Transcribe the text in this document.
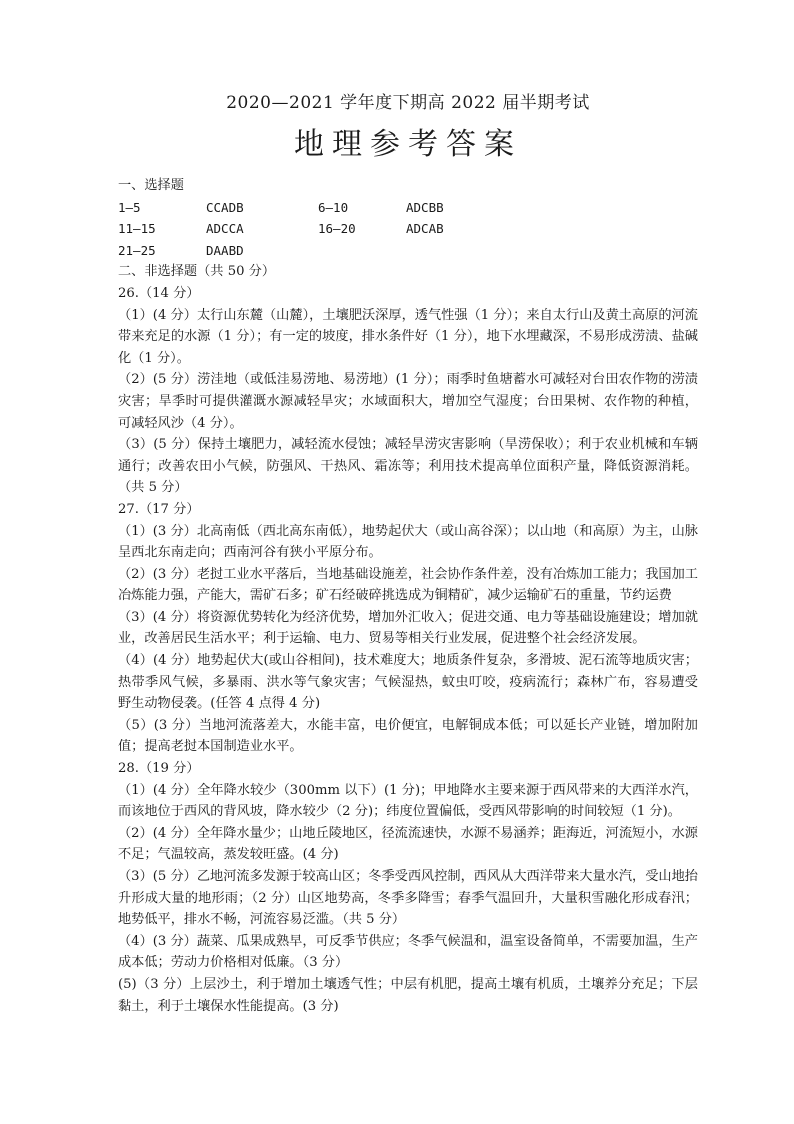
2020—2021 学年度下期高 2022 届半期考试
地理参考答案
一、选择题
1—5	CCADB	6—10	ADCBB
11—15	ADCCA	16—20	ADCAB
21—25	DAABD
二、非选择题（共 50 分）
26.（14 分）
（1）(4 分）太行山东麓（山麓），土壤肥沃深厚，透气性强（1 分）；来自太行山及黄土高原的河流带来充足的水源（1 分）；有一定的坡度，排水条件好（1 分），地下水埋藏深，不易形成涝渍、盐碱化（1 分）。
（2）(5 分）涝洼地（或低洼易涝地、易涝地）(1 分）；雨季时鱼塘蓄水可减轻对台田农作物的涝渍灾害；旱季时可提供灌溉水源减轻旱灾；水域面积大，增加空气湿度；台田果树、农作物的种植，可减轻风沙（4 分）。
（3）(5 分）保持土壤肥力，减轻流水侵蚀；减轻旱涝灾害影响（旱涝保收）；利于农业机械和车辆通行；改善农田小气候，防强风、干热风、霜冻等；利用技术提高单位面积产量，降低资源消耗。（共 5 分）
27.（17 分）
（1）(3 分）北高南低（西北高东南低），地势起伏大（或山高谷深）；以山地（和高原）为主，山脉呈西北东南走向；西南河谷有狭小平原分布。
（2）(3 分）老挝工业水平落后，当地基础设施差，社会协作条件差，没有冶炼加工能力；我国加工冶炼能力强，产能大，需矿石多；矿石经破碎挑选成为铜精矿，减少运输矿石的重量，节约运费
（3）(4 分）将资源优势转化为经济优势，增加外汇收入；促进交通、电力等基础设施建设；增加就业，改善居民生活水平；利于运输、电力、贸易等相关行业发展，促进整个社会经济发展。
（4）(4 分）地势起伏大(或山谷相间)，技术难度大；地质条件复杂，多滑坡、泥石流等地质灾害；热带季风气候，多暴雨、洪水等气象灾害；气候湿热，蚊虫叮咬，疫病流行；森林广布，容易遭受野生动物侵袭。(任答 4 点得 4 分)
（5）(3 分）当地河流落差大，水能丰富，电价便宜，电解铜成本低；可以延长产业链，增加附加值；提高老挝本国制造业水平。
28.（19 分）
（1）(4 分）全年降水较少（300mm 以下）(1 分)；甲地降水主要来源于西风带来的大西洋水汽，而该地位于西风的背风坡，降水较少（2 分)；纬度位置偏低，受西风带影响的时间较短（1 分)。
（2）(4 分）全年降水量少；山地丘陵地区，径流流速快，水源不易涵养；距海近，河流短小，水源不足；气温较高，蒸发较旺盛。(4 分)
（3）(5 分）乙地河流多发源于较高山区；冬季受西风控制，西风从大西洋带来大量水汽，受山地抬升形成大量的地形雨；（2 分）山区地势高，冬季多降雪；春季气温回升，大量积雪融化形成春汛；地势低平，排水不畅，河流容易泛滥。（共 5 分）
（4）(3 分）蔬菜、瓜果成熟早，可反季节供应；冬季气候温和，温室设备简单，不需要加温，生产成本低；劳动力价格相对低廉。（3 分）
(5)（3 分）上层沙土，利于增加土壤透气性；中层有机肥，提高土壤有机质，土壤养分充足；下层黏土，利于土壤保水性能提高。(3 分)
